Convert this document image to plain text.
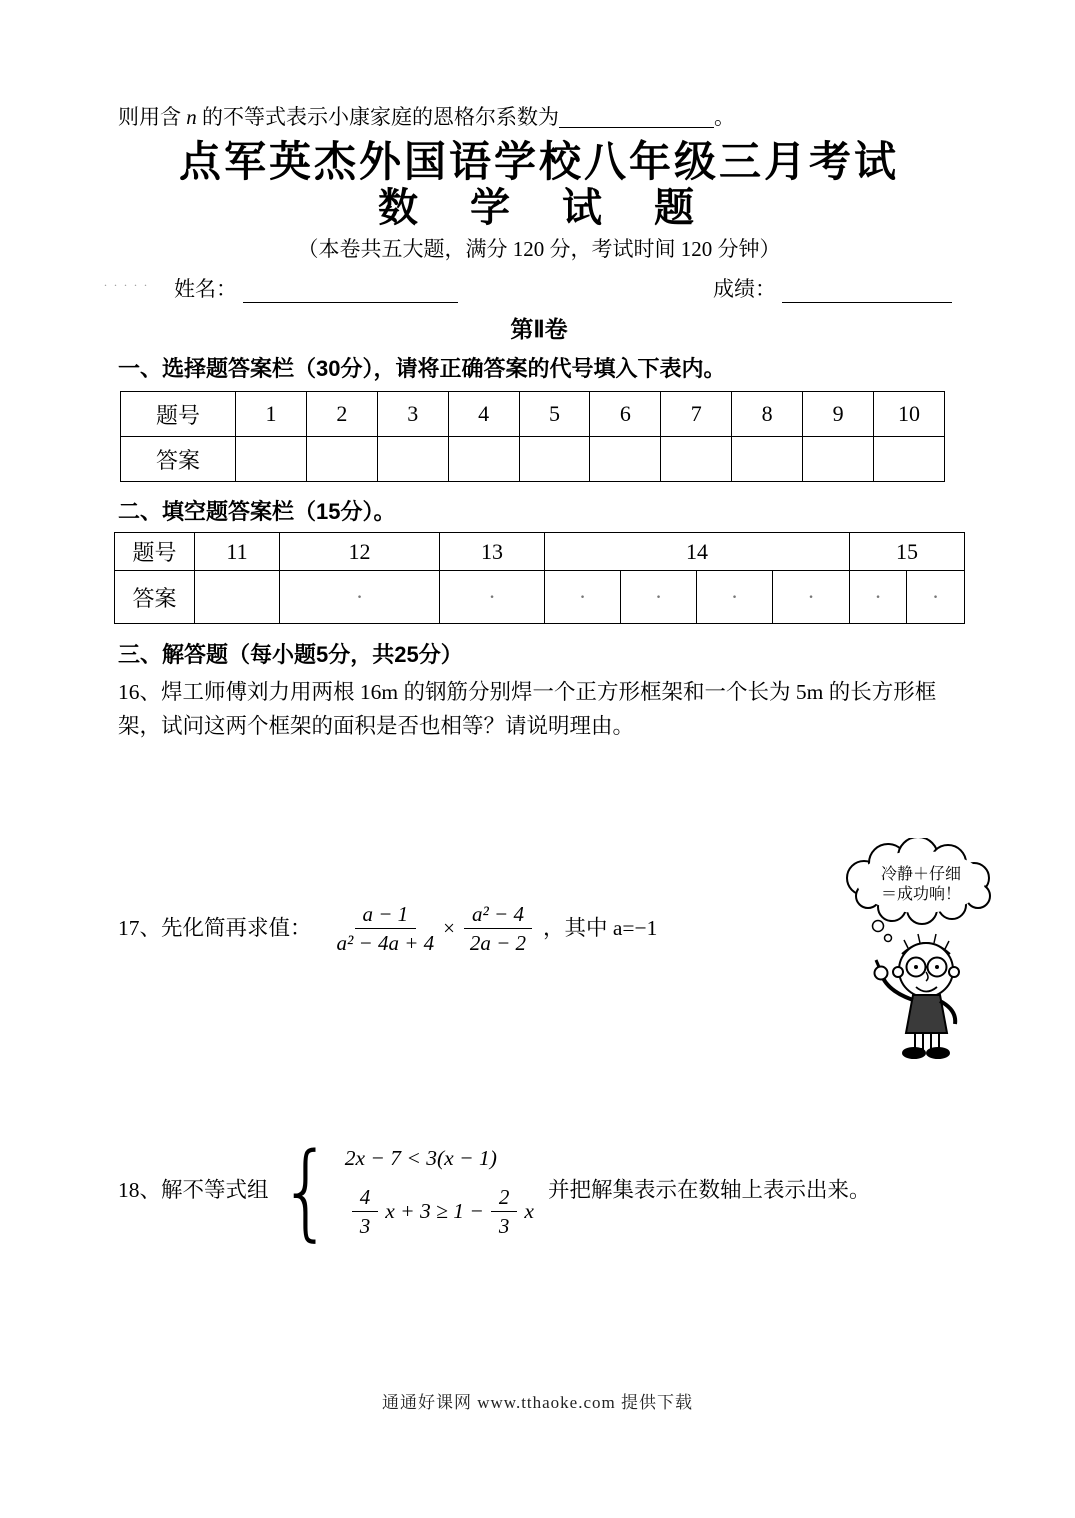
则用含 n 的不等式表示小康家庭的恩格尔系数为	。

点军英杰外国语学校八年级三月考试
数　学　试　题
（本卷共五大题，满分 120 分，考试时间 120 分钟）
. . . . . 姓名：	成绩：
第Ⅱ卷
一、选择题答案栏（30分），请将正确答案的代号填入下表内。
题号	1	2	3	4	5	6	7	8	9	10
答案										
二、填空题答案栏（15分）。
题号	11	12	13	14				15	
答案		·	·	·	·	·	·	·	·
三、解答题（每小题5分，共25分）

16、焊工师傅刘力用两根 16m 的钢筋分别焊一个正方形框架和一个长为 5m 的长方形框架，试问这两个框架的面积是否也相等？请说明理由。

17、先化简再求值： $\frac{a - 1}{\text{a² − 4a + 4}} \times \frac{\text{a² − 4}}{2a - 2}$ ，其中 a=−1
18、解不等式组 { 2x − 7 < 3(x − 1)
$\frac{4}{3}$ $x + 3 \ge 1 - \frac{2}{3}$ x
并把解集表示在数轴上表示出来。
冷静＋仔细
＝成功响！
通通好课网 www.tthaoke.com 提供下载
